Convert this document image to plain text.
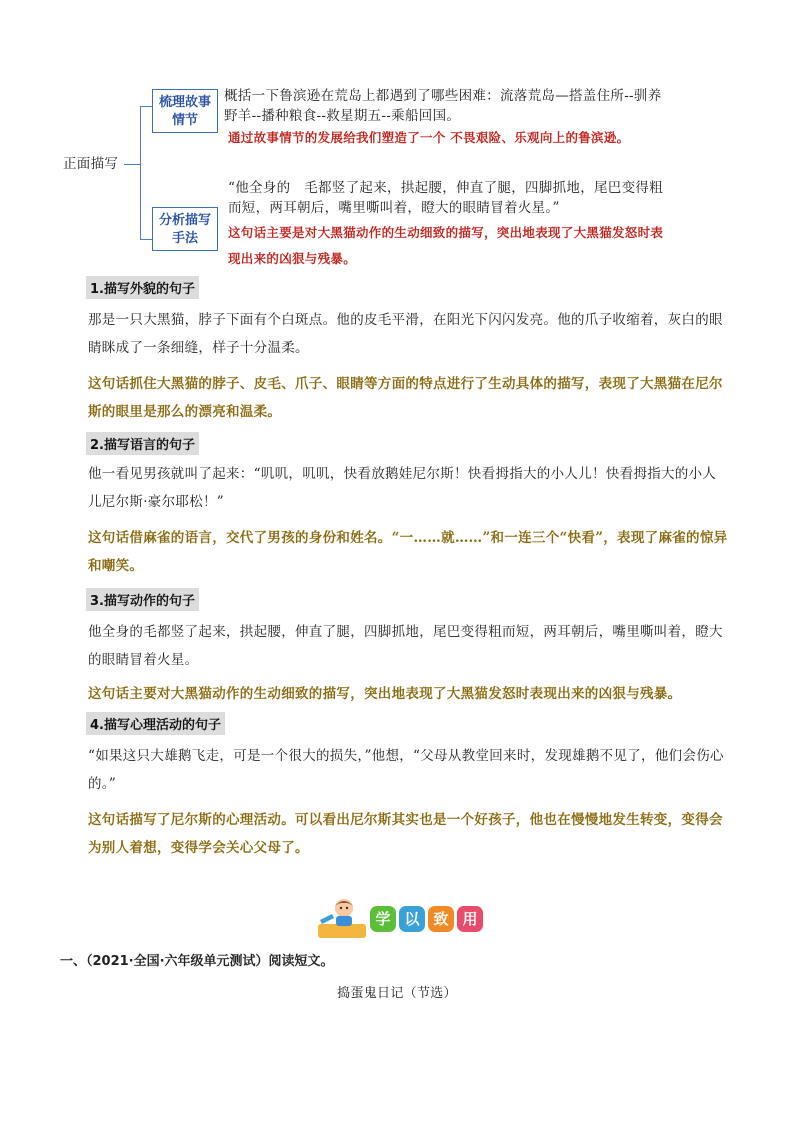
正面描写
梳理故事情节
概括一下鲁滨逊在荒岛上都遇到了哪些困难：流落荒岛—搭盖住所--驯养野羊--播种粮食--救星期五--乘船回国。
通过故事情节的发展给我们塑造了一个 不畏艰险、乐观向上的鲁滨逊。
分析描写手法
“他全身的　毛都竖了起来，拱起腰，伸直了腿，四脚抓地，尾巴变得粗而短，两耳朝后，嘴里嘶叫着，瞪大的眼睛冒着火星。”
这句话主要是对大黑猫动作的生动细致的描写，突出地表现了大黑猫发怒时表现出来的凶狠与残暴。
1.描写外貌的句子
那是一只大黑猫，脖子下面有个白斑点。他的皮毛平滑，在阳光下闪闪发亮。他的爪子收缩着，灰白的眼睛眯成了一条细缝，样子十分温柔。
这句话抓住大黑猫的脖子、皮毛、爪子、眼睛等方面的特点进行了生动具体的描写，表现了大黑猫在尼尔斯的眼里是那么的漂亮和温柔。
2.描写语言的句子
他一看见男孩就叫了起来：“叽叽，叽叽，快看放鹅娃尼尔斯！快看拇指大的小人儿！快看拇指大的小人儿尼尔斯·豪尔耶松！”
这句话借麻雀的语言，交代了男孩的身份和姓名。“一……就……”和一连三个“快看”，表现了麻雀的惊异和嘲笑。
3.描写动作的句子
他全身的毛都竖了起来，拱起腰，伸直了腿，四脚抓地，尾巴变得粗而短，两耳朝后，嘴里嘶叫着，瞪大的眼睛冒着火星。
这句话主要对大黑猫动作的生动细致的描写，突出地表现了大黑猫发怒时表现出来的凶狠与残暴。
4.描写心理活动的句子
“如果这只大雄鹅飞走，可是一个很大的损失，”他想，“父母从教堂回来时，发现雄鹅不见了，他们会伤心的。”
这句话描写了尼尔斯的心理活动。可以看出尼尔斯其实也是一个好孩子，他也在慢慢地发生转变，变得会为别人着想，变得学会关心父母了。
学 以 致 用
一、（2021·全国·六年级单元测试）阅读短文。
捣蛋鬼日记（节选）
